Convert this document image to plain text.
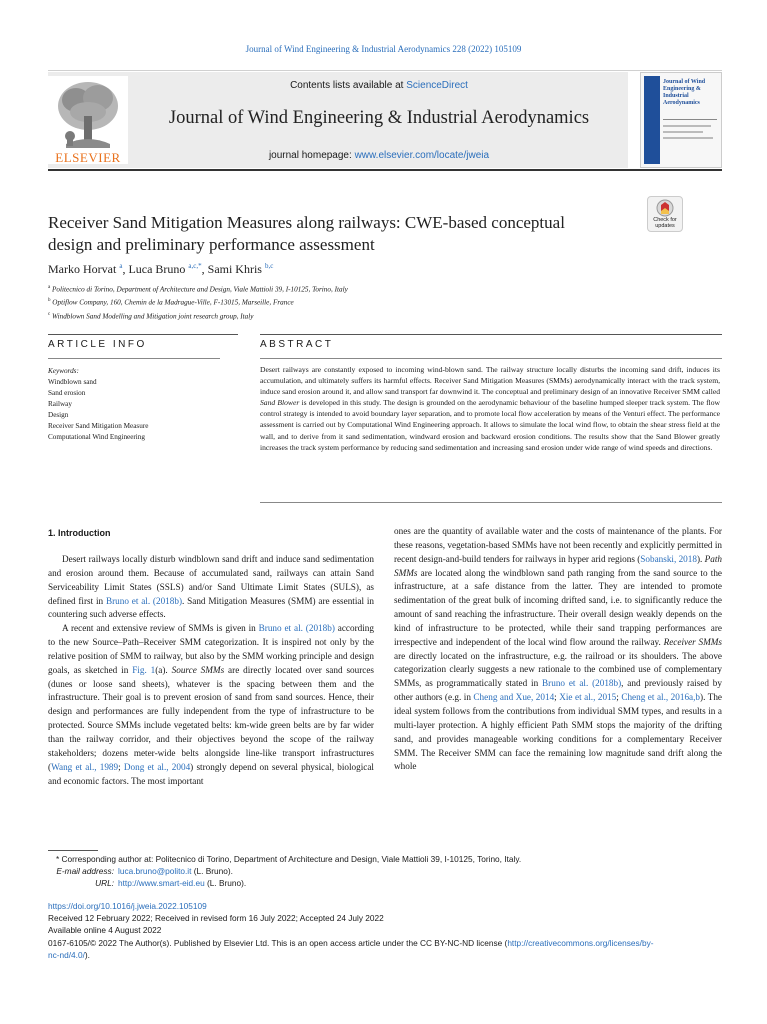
Journal of Wind Engineering & Industrial Aerodynamics 228 (2022) 105109
ELSEVIER
Contents lists available at ScienceDirect
Journal of Wind Engineering & Industrial Aerodynamics
journal homepage: www.elsevier.com/locate/jweia
Journal of Wind Engineering & Industrial Aerodynamics
Receiver Sand Mitigation Measures along railways: CWE-based conceptual
design and preliminary performance assessment
Check for
updates
Marko Horvat $^a$, Luca Bruno $^{a,c,*}$, Sami Khris $^{b,c}$
$^a$ Politecnico di Torino, Department of Architecture and Design, Viale Mattioli 39, I-10125, Torino, Italy
$^b$ Optiflow Company, 160, Chemin de la Madrague-Ville, F-13015, Marseille, France
$^c$ Windblown Sand Modelling and Mitigation joint research group, Italy
ARTICLE INFO	ABSTRACT
Keywords:
Windblown sand
Sand erosion
Railway
Design
Receiver Sand Mitigation Measure
Computational Wind Engineering
Desert railways are constantly exposed to incoming wind-blown sand. The railway structure locally disturbs the incoming sand drift, induces its accumulation, and ultimately suffers its harmful effects. Receiver Sand Mitigation Measures (SMMs) aerodynamically interact with the track system, induce sand erosion around it, and allow sand transport far downwind it. The conceptual and preliminary design of an innovative Receiver SMM called Sand Blower is developed in this study. The design is grounded on the aerodynamic behaviour of the baseline humped sleeper track system. The flow control strategy is intended to avoid boundary layer separation, and to promote local flow acceleration by means of the Venturi effect. The performance assessment is carried out by Computational Wind Engineering approach. It allows to simulate the local wind flow, to obtain the shear stress field at the wall, and to derive from it sand sedimentation, windward erosion and backward erosion conditions. The results show that the Sand Blower greatly increases the track system performance by reducing sand sedimentation and increasing sand erosion under wide range of wind speeds and directions.
1. Introduction

Desert railways locally disturb windblown sand drift and induce sand sedimentation and erosion around them. Because of accumulated sand, railways can attain Sand Serviceability Limit States (SSLS) and/or Sand Ultimate Limit States (SULS), as defined first in Bruno et al. (2018b). Sand Mitigation Measures (SMM) are essential in countering such adverse effects.

A recent and extensive review of SMMs is given in Bruno et al. (2018b) according to the new Source–Path–Receiver SMM categorization. It is inspired not only by the relative position of SMM to railway, but also by the SMM working principle and design goals, as sketched in Fig. 1(a). Source SMMs are directly located over sand sources (dunes or loose sand sheets), whatever is the spacing between them and the infrastructure. Their goal is to prevent erosion of sand from sand sources. Hence, their design and performances are fully independent from the type of infrastructure to be protected. Source SMMs include vegetated belts: km-wide green belts are by far wider than the railway corridor, and their objectives beyond the scope of the railway stakeholders; dozens meter-wide belts alongside line-like transport infrastructures (Wang et al., 1989; Dong et al., 2004) strongly depend on several physical, biological and economic factors. The most important

ones are the quantity of available water and the costs of maintenance of the plants. For these reasons, vegetation-based SMMs have not been recently and explicitly permitted in recent design-and-build tenders for railways in hyper arid regions (Sobanski, 2018). Path SMMs are located along the windblown sand path ranging from the sand source to the infrastructure, at a safe distance from the latter. They are intended to promote sedimentation of the great bulk of incoming drifted sand, i.e. to significantly reduce the amount of sand reaching the infrastructure. Their overall design weakly depends on the kind of infrastructure to be protected, while their sand trapping performances are irrespective and independent of the local wind flow around the railway. Receiver SMMs are directly located on the infrastructure, e.g. the railroad or its shoulders. The above categorization clearly suggests a new rationale to the combined use of complementary SMMs, as programmatically stated in Bruno et al. (2018b), and previously raised by other authors (e.g. in Cheng and Xue, 2014; Xie et al., 2015; Cheng et al., 2016a,b). The ideal system follows from the contributions from individual SMM types, and results in a multi-layer protection. A highly efficient Path SMM stops the majority of the drifting sand, and provides manageable working conditions for a complementary Receiver SMM. The Receiver SMM can face the remaining low magnitude sand drift along the whole

* Corresponding author at: Politecnico di Torino, Department of Architecture and Design, Viale Mattioli 39, I-10125, Torino, Italy.
E-mail address: luca.bruno@polito.it (L. Bruno).
URL: http://www.smart-eid.eu (L. Bruno).
https://doi.org/10.1016/j.jweia.2022.105109
Received 12 February 2022; Received in revised form 16 July 2022; Accepted 24 July 2022
Available online 4 August 2022
0167-6105/© 2022 The Author(s). Published by Elsevier Ltd. This is an open access article under the CC BY-NC-ND license (http://creativecommons.org/licenses/by-
nc-nd/4.0/).
